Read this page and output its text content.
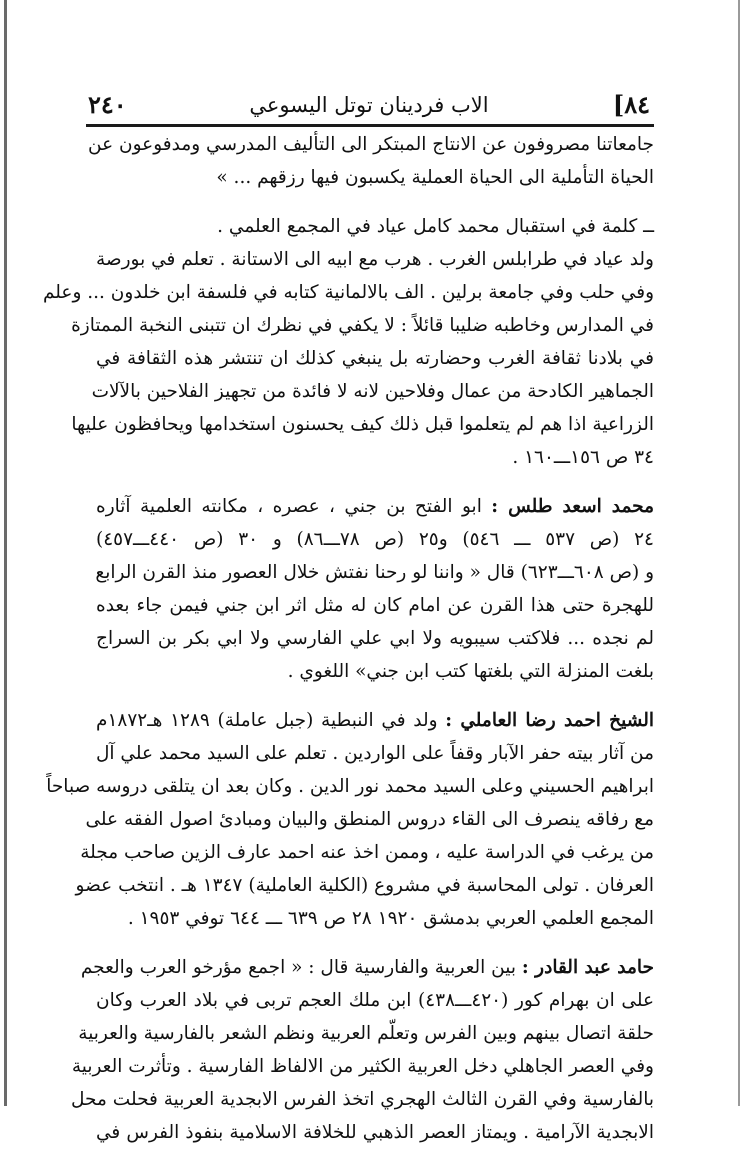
٢٤٠	الاب فردينان توتل اليسوعي	[٨٤
جامعاتنا مصروفون عن الانتاج المبتكر الى التأليف المدرسي ومدفوعون عن
الحياة التأملية الى الحياة العملية يكسبون فيها رزقهم ... »
ــ كلمة في استقبال محمد كامل عياد في المجمع العلمي .
ولد عياد في طرابلس الغرب . هرب مع ابيه الى الاستانة . تعلم في بورصة
وفي حلب وفي جامعة برلين . الف بالالمانية كتابه في فلسفة ابن خلدون ... وعلم
في المدارس وخاطبه ضليبا قائلاً : لا يكفي في نظرك ان تتبنى النخبة الممتازة
في بلادنا ثقافة الغرب وحضارته بل ينبغي كذلك ان تنتشر هذه الثقافة في
الجماهير الكادحة من عمال وفلاحين لانه لا فائدة من تجهيز الفلاحين بالآلات
الزراعية اذا هم لم يتعلموا قبل ذلك كيف يحسنون استخدامها ويحافظون عليها
٣٤ ص ١٥٦ـــ١٦٠ .
محمد اسعد طلس : ابو الفتح بن جني ، عصره ، مكانته العلمية آثاره
٢٤ (ص ٥٣٧ ـــ ٥٤٦) و٢٥ (ص ٧٨ـــ٨٦) و ٣٠ (ص ٤٤٠ـــ٤٥٧)
و (ص ٦٠٨ـــ٦٢٣) قال « واننا لو رحنا نفتش خلال العصور منذ القرن الرابع
للهجرة حتى هذا القرن عن امام كان له مثل اثر ابن جني فيمن جاء بعده
لم نجده ... فلاكتب سيبويه ولا ابي علي الفارسي ولا ابي بكر بن السراج
بلغت المنزلة التي بلغتها كتب ابن جني» اللغوي .
الشيخ احمد رضا العاملي : ولد في النبطية (جبل عاملة) ١٢٨٩ هـ١٨٧٢م
من آثار بيته حفر الآبار وقفاً على الواردين . تعلم على السيد محمد علي آل
ابراهيم الحسيني وعلى السيد محمد نور الدين . وكان بعد ان يتلقى دروسه صباحاً
مع رفاقه ينصرف الى القاء دروس المنطق والبيان ومبادئ اصول الفقه على
من يرغب في الدراسة عليه ، وممن اخذ عنه احمد عارف الزين صاحب مجلة
العرفان . تولى المحاسبة في مشروع (الكلية العاملية) ١٣٤٧ هـ . انتخب عضو
المجمع العلمي العربي بدمشق ١٩٢٠ ٢٨ ص ٦٣٩ ـــ ٦٤٤ توفي ١٩٥٣ .
حامد عبد القادر : بين العربية والفارسية قال : « اجمع مؤرخو العرب والعجم
على ان بهرام كور (٤٢٠ـــ٤٣٨) ابن ملك العجم تربى في بلاد العرب وكان
حلقة اتصال بينهم وبين الفرس وتعلّم العربية ونظم الشعر بالفارسية والعربية
وفي العصر الجاهلي دخل العربية الكثير من الالفاظ الفارسية . وتأثرت العربية
بالفارسية وفي القرن الثالث الهجري اتخذ الفرس الابجدية العربية فحلت محل
الابجدية الآرامية . ويمتاز العصر الذهبي للخلافة الاسلامية بنفوذ الفرس في
